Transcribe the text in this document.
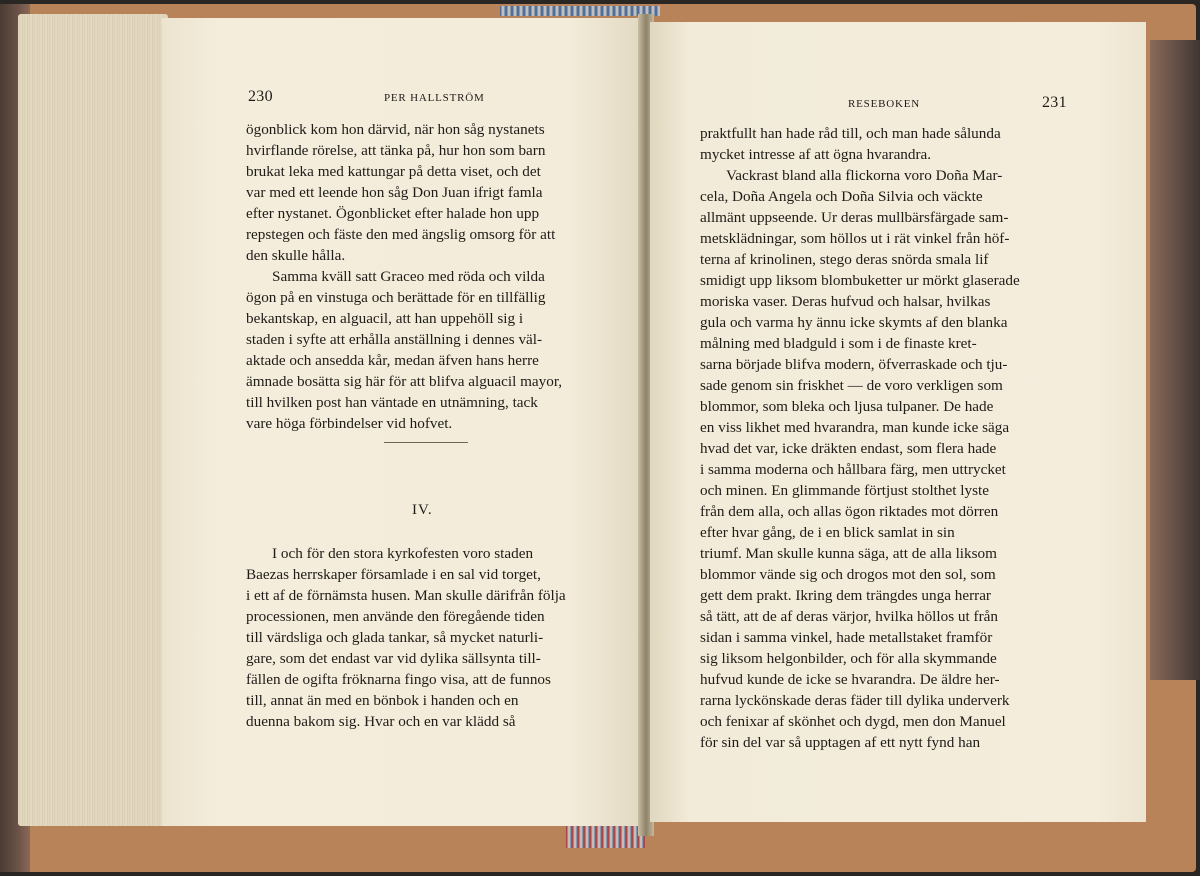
230	PER HALLSTRÖM
ögonblick kom hon därvid, när hon såg nystanets
hvirflande rörelse, att tänka på, hur hon som barn
brukat leka med kattungar på detta viset, och det
var med ett leende hon såg Don Juan ifrigt famla
efter nystanet. Ögonblicket efter halade hon upp
repstegen och fäste den med ängslig omsorg för att
den skulle hålla.
Samma kväll satt Graceo med röda och vilda
ögon på en vinstuga och berättade för en tillfällig
bekantskap, en alguacil, att han uppehöll sig i
staden i syfte att erhålla anställning i dennes väl-
aktade och ansedda kår, medan äfven hans herre
ämnade bosätta sig här för att blifva alguacil mayor,
till hvilken post han väntade en utnämning, tack
vare höga förbindelser vid hofvet.
IV.
I och för den stora kyrkofesten voro staden
Baezas herrskaper församlade i en sal vid torget,
i ett af de förnämsta husen. Man skulle därifrån följa
processionen, men använde den föregående tiden
till värdsliga och glada tankar, så mycket naturli-
gare, som det endast var vid dylika sällsynta till-
fällen de ogifta fröknarna fingo visa, att de funnos
till, annat än med en bönbok i handen och en
duenna bakom sig. Hvar och en var klädd så
RESEBOKEN	231
praktfullt han hade råd till, och man hade sålunda
mycket intresse af att ögna hvarandra.
Vackrast bland alla flickorna voro Doña Mar-
cela, Doña Angela och Doña Silvia och väckte
allmänt uppseende. Ur deras mullbärsfärgade sam-
metsklädningar, som höllos ut i rät vinkel från höf-
terna af krinolinen, stego deras snörda smala lif
smidigt upp liksom blombuketter ur mörkt glaserade
moriska vaser. Deras hufvud och halsar, hvilkas
gula och varma hy ännu icke skymts af den blanka
målning med bladguld i som i de finaste kret-
sarna började blifva modern, öfverraskade och tju-
sade genom sin friskhet — de voro verkligen som
blommor, som bleka och ljusa tulpaner. De hade
en viss likhet med hvarandra, man kunde icke säga
hvad det var, icke dräkten endast, som flera hade
i samma moderna och hållbara färg, men uttrycket
och minen. En glimmande förtjust stolthet lyste
från dem alla, och allas ögon riktades mot dörren
efter hvar gång, de i en blick samlat in sin
triumf. Man skulle kunna säga, att de alla liksom
blommor vände sig och drogos mot den sol, som
gett dem prakt. Ikring dem trängdes unga herrar
så tätt, att de af deras värjor, hvilka höllos ut från
sidan i samma vinkel, hade metallstaket framför
sig liksom helgonbilder, och för alla skymmande
hufvud kunde de icke se hvarandra. De äldre her-
rarna lyckönskade deras fäder till dylika underverk
och fenixar af skönhet och dygd, men don Manuel
för sin del var så upptagen af ett nytt fynd han
